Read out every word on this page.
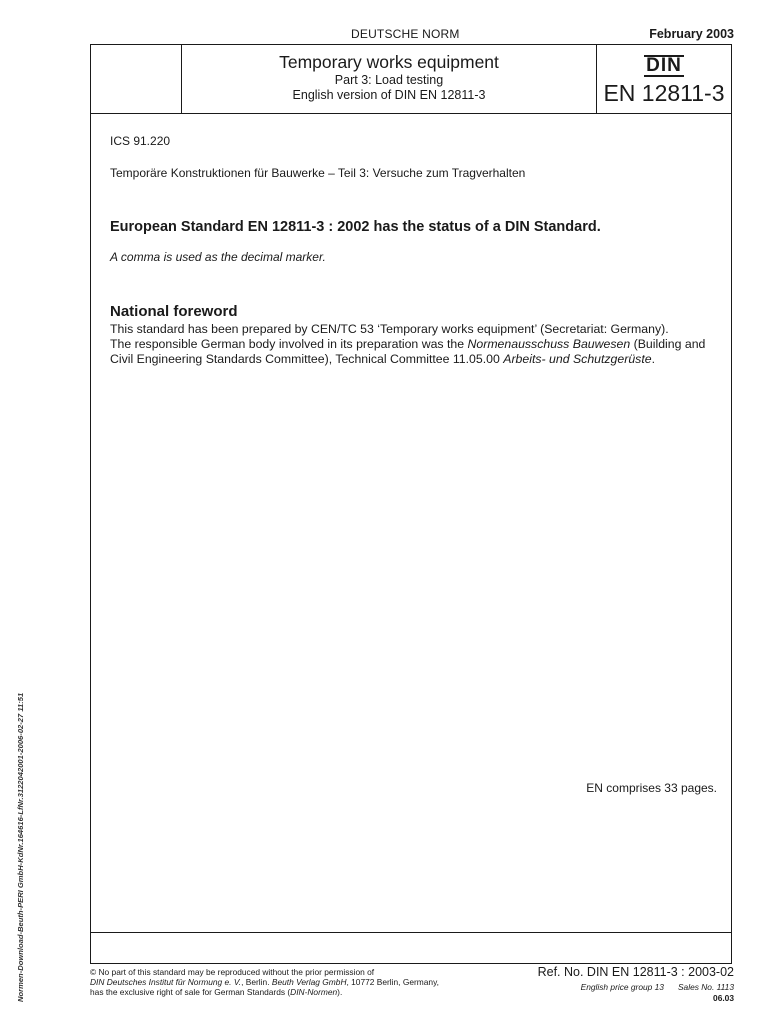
DEUTSCHE NORM	February 2003
Temporary works equipment
Part 3: Load testing
English version of DIN EN 12811-3
DIN
EN 12811-3
ICS 91.220
Temporäre Konstruktionen für Bauwerke – Teil 3: Versuche zum Tragverhalten
European Standard EN 12811-3 : 2002 has the status of a DIN Standard.
A comma is used as the decimal marker.
National foreword
This standard has been prepared by CEN/TC 53 ‘Temporary works equipment’ (Secretariat: Germany).
The responsible German body involved in its preparation was the Normenausschuss Bauwesen (Building and Civil Engineering Standards Committee), Technical Committee 11.05.00 Arbeits- und Schutzgerüste.
EN comprises 33 pages.
© No part of this standard may be reproduced without the prior permission of
DIN Deutsches Institut für Normung e. V., Berlin. Beuth Verlag GmbH, 10772 Berlin, Germany,
has the exclusive right of sale for German Standards (DIN-Normen).
Ref. No. DIN EN 12811-3 : 2003-02
English price group 13 Sales No. 1113
06.03
Normen-Download-Beuth-PERI GmbH-KdNr.164616-LfNr.3122042001-2006-02-27 11:51
